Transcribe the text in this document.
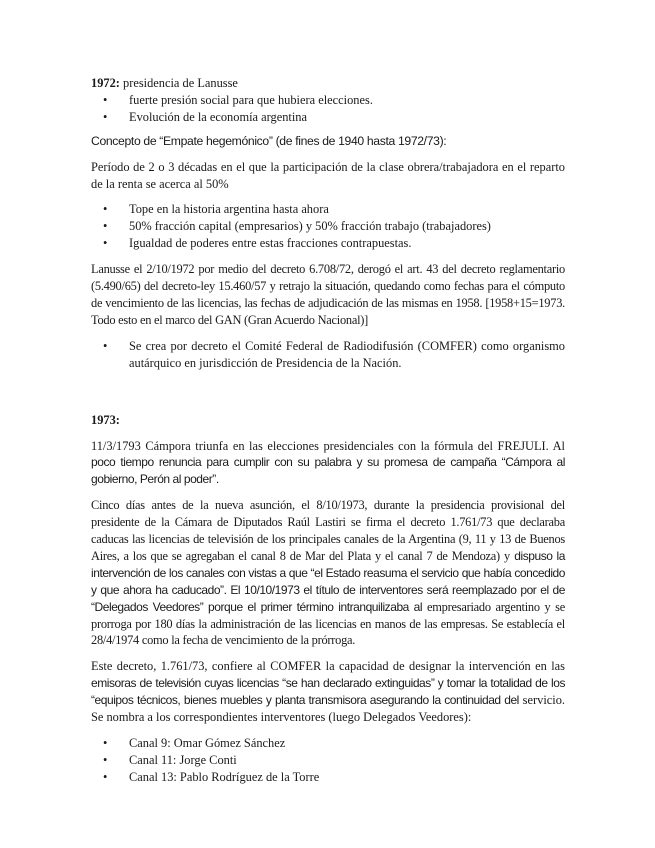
1972: presidencia de Lanusse

• fuerte presión social para que hubiera elecciones.
• Evolución de la economía argentina

Concepto de “Empate hegemónico” (de fines de 1940 hasta 1972/73):

Período de 2 o 3 décadas en el que la participación de la clase obrera/trabajadora en el reparto de la renta se acerca al 50%

• Tope en la historia argentina hasta ahora
• 50% fracción capital (empresarios) y 50% fracción trabajo (trabajadores)
• Igualdad de poderes entre estas fracciones contrapuestas.

Lanusse el 2/10/1972 por medio del decreto 6.708/72, derogó el art. 43 del decreto reglamentario (5.490/65) del decreto-ley 15.460/57 y retrajo la situación, quedando como fechas para el cómputo de vencimiento de las licencias, las fechas de adjudicación de las mismas en 1958. [1958+15=1973. Todo esto en el marco del GAN (Gran Acuerdo Nacional)]

• Se crea por decreto el Comité Federal de Radiodifusión (COMFER) como organismo autárquico en jurisdicción de Presidencia de la Nación.

1973:

11/3/1793 Cámpora triunfa en las elecciones presidenciales con la fórmula del FREJULI. Al poco tiempo renuncia para cumplir con su palabra y su promesa de campaña “Cámpora al gobierno, Perón al poder”.

Cinco días antes de la nueva asunción, el 8/10/1973, durante la presidencia provisional del presidente de la Cámara de Diputados Raúl Lastiri se firma el decreto 1.761/73 que declaraba caducas las licencias de televisión de los principales canales de la Argentina (9, 11 y 13 de Buenos Aires, a los que se agregaban el canal 8 de Mar del Plata y el canal 7 de Mendoza) y dispuso la intervención de los canales con vistas a que “el Estado reasuma el servicio que había concedido y que ahora ha caducado”. El 10/10/1973 el título de interventores será reemplazado por el de “Delegados Veedores” porque el primer término intranquilizaba al empresariado argentino y se prorroga por 180 días la administración de las licencias en manos de las empresas. Se establecía el 28/4/1974 como la fecha de vencimiento de la prórroga.

Este decreto, 1.761/73, confiere al COMFER la capacidad de designar la intervención en las emisoras de televisión cuyas licencias “se han declarado extinguidas” y tomar la totalidad de los “equipos técnicos, bienes muebles y planta transmisora asegurando la continuidad del servicio. Se nombra a los correspondientes interventores (luego Delegados Veedores):

• Canal 9: Omar Gómez Sánchez
• Canal 11: Jorge Conti
• Canal 13: Pablo Rodríguez de la Torre
